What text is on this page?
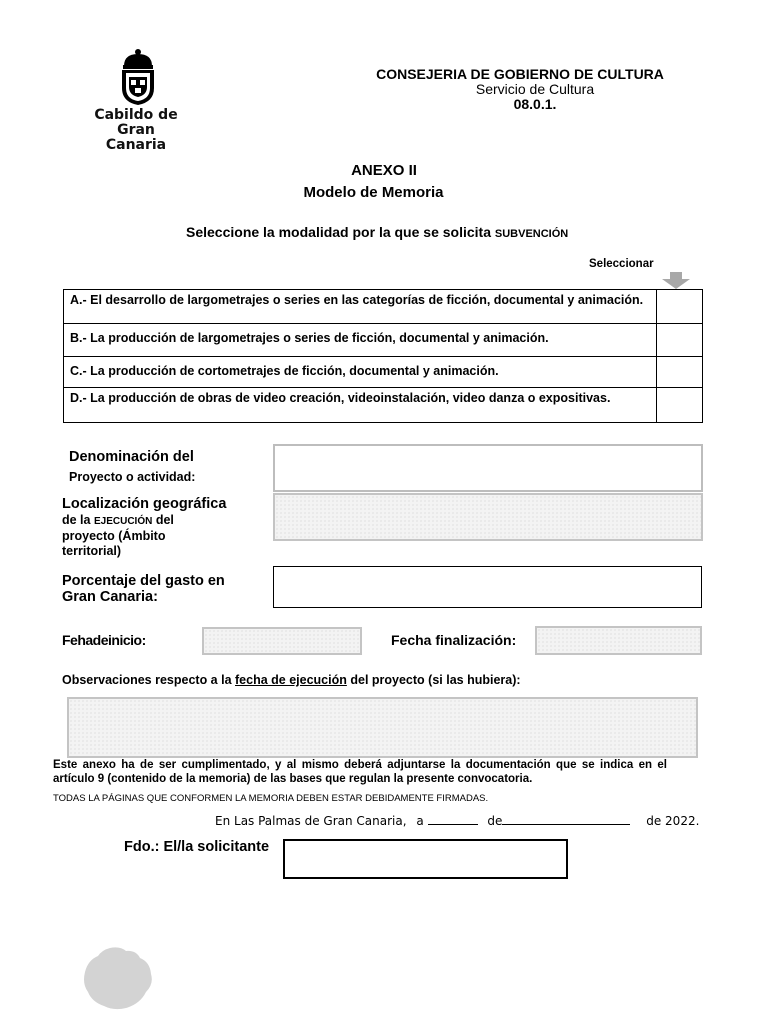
Cabildo de
Gran Canaria
CONSEJERIA DE GOBIERNO DE CULTURA
Servicio de Cultura
08.0.1.
ANEXO II
Modelo de Memoria
Seleccione la modalidad por la que se solicita SUBVENCIÓN
Seleccionar
A.- El desarrollo de largometrajes o series en las categorías de ficción, documental y animación.	
B.- La producción de largometrajes o series de ficción, documental y animación.	
C.- La producción de cortometrajes de ficción, documental y animación.	
D.- La producción de obras de video creación, videoinstalación, video danza o expositivas.	
Denominación del
Proyecto o actividad:
Localización geográfica
de la EJECUCIÓN del
proyecto (Ámbito
territorial)
Porcentaje del gasto en
Gran Canaria:
Fehadeinicio:	Fecha finalización:
Observaciones respecto a la fecha de ejecución del proyecto (si las hubiera):
Este anexo ha de ser cumplimentado, y al mismo deberá adjuntarse la documentación que se indica en el
artículo 9 (contenido de la memoria) de las bases que regulan la presente convocatoria.
TODAS LA PÁGINAS QUE CONFORMEN LA MEMORIA DEBEN ESTAR DEBIDAMENTE FIRMADAS.
En Las Palmas de Gran Canaria, a	de	de 2022.
Fdo.: El/la solicitante
